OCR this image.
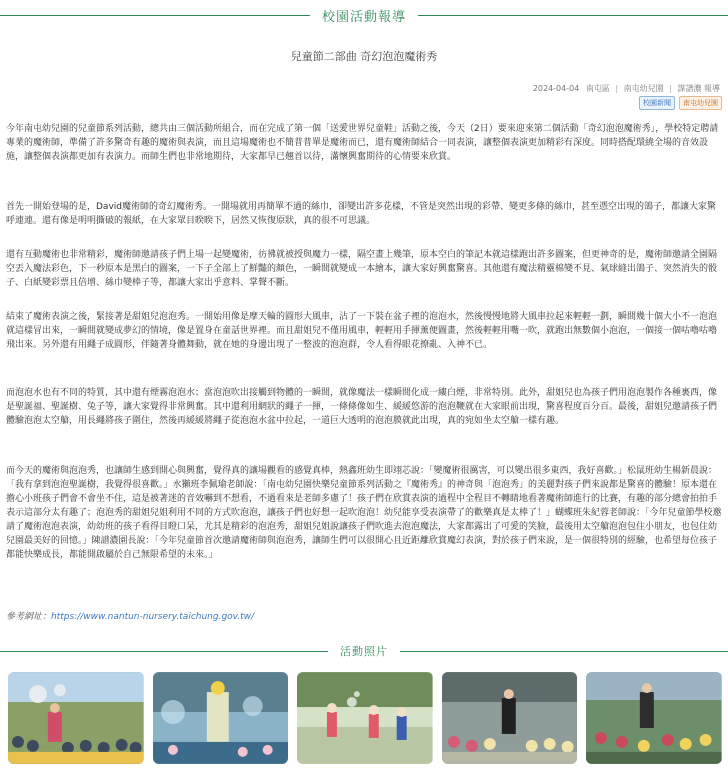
校園活動報導
兒童節二部曲 奇幻泡泡魔術秀
2024-04-04 南屯區 | 南屯幼兒園 | 謀譜濃 報導
校園新聞	南屯幼兒園

今年南屯幼兒園的兒童節系列活動，總共由三個活動所組合，而在完成了第一個「送愛世界兒童鞋」活動之後，今天（2日）要來迎來第二個活動「奇幻泡泡魔術秀」，學校特定聘請專業的魔術師，準備了許多驚奇有趣的魔術與表演，而且這場魔術也不簡普普單是魔術而已，還有魔術師結合一同表演，讓整個表演更加精彩有深度。同時搭配環繞全場的音效設施，讓整個表演都更加有表演力。而師生們也非常地期待，大家都早已翹首以待，滿懷興奮期待的心情要來欣賞。

首先一開始登場的是，David魔術師的奇幻魔術秀。一開場就用再簡單不過的絲巾，卻變出許多花樣，不管是突然出現的彩帶、變更多條的絲巾，甚至憑空出現的鴿子，都讓大家驚呼連連。還有像是明明撕破的報紙，在大家眾目睽睽下，居然又恢復原狀，真的很不可思議。

還有互動魔術也非常精彩，魔術師邀請孩子們上場一起變魔術，彷彿就被授與魔力一樣，隔空畫上幾筆，原本空白的筆記本就這樣跑出許多圖案，但更神奇的是，魔術師邀請全園隔空丟入魔法彩色，下一秒原本是黑白的圖案，一下子全部上了鮮豔的顏色，一瞬間就變成一本繪本，讓大家好興奮驚喜。其他還有魔法精靈棉變不見、氣球縫出鴿子、突然消失的骰子、白紙變彩票且倍增、絲巾變棒子等，都讓大家出乎意料、掌聲不斷。

結束了魔術表演之後，緊接著是甜姐兒泡泡秀。一開始用像是摩天輪的圓形大風車，沾了一下裝在盆子裡的泡泡水，然後慢慢地將大風車拉起來輕輕一劃，瞬間幾十個大小不一泡泡就這樣冒出來，一瞬間就變成夢幻的情境，像是置身在童話世界裡。而且甜姐兒不僅用風車，輕輕用手揮薰便圖畫，然後輕輕用嘴一吹，就跑出無數個小泡泡，一個接一個咕嚕咕嚕飛出來。另外還有用繩子成圓形，伴隨著身體舞動，就在她的身邊出現了一整波的泡泡群，令人看得眼花撩亂、入神不已。

而泡泡水也有不同的特質，其中還有煙霧泡泡水；當泡泡吹出接觸到物體的一瞬間，就像魔法一樣瞬間化成一縷白煙，非常特別。此外，甜姐兒也為孩子們用泡泡製作各種裏西，像是聖誕福、聖誕樹、兔子等，讓大家覺得非常興奮。其中還利用網狀的繩子一揮，一條條像如生、緩緩悠游的泡泡鞭就在大家眼前出現，驚喜程度百分百。最後，甜姐兒邀請孩子們體驗泡泡太空艙，用長繩將孩子圍住，然後再緩緩將繩子從泡泡水盆中拉起，一道巨大透明的泡泡膜就此出現，真的宛如坐太空艙一樣有趣。

而今天的魔術與泡泡秀，也讓師生感到開心與興奮，覺得真的讓場觀看的感覺真棒，熱鑫班幼生即翊芯說：「變魔術很厲害，可以變出很多東西，我好喜歡。」松鼠班幼生楊新晨說：「我有拿到泡泡聖誕樹，我覺得很喜歡。」水獺班李佩瑜老師說：「南屯幼兒園快樂兒童節系列活動之『魔術秀』的神奇與「泡泡秀」的美麗對孩子們來說都是驚喜的體驗！原本還在擔心小班孩子們會不會坐不住，這是被著迷的音效嚇到不想看，不過看來是老師多慮了！孩子們在欣賞表演的過程中全程目不轉睛地看著魔術師進行的比賽，有趣的部分總會拍拍手表示這部分太有趣了；泡泡秀的甜姐兒姐利用不同的方式吹泡泡，讓孩子們也好想一起吹泡泡！幼兒能享受表演帶了的歡樂真是太棒了！」蝴蝶班朱紀蓉老師說：「今年兒童節學校邀請了魔術泡泡表演，幼幼班的孩子看得目瞪口呆，尤其是精彩的泡泡秀，甜姐兒姐說讓孩子們吹進去泡泡魔法，大家都露出了可愛的笑臉，最後用太空艙泡泡包住小朋友，也包住幼兒園最美好的回憶。」陳譜濃園長說：「今年兒童節首次邀請魔術師與泡泡秀，讓師生們可以很開心且近距離欣賞魔幻表演，對於孩子們來說，是一個很特別的經驗，也希望每位孩子都能快樂成長，都能開啟屬於自己無限希望的未來。」

參考網址：https://www.nantun-nursery.taichung.gov.tw/

活動照片
